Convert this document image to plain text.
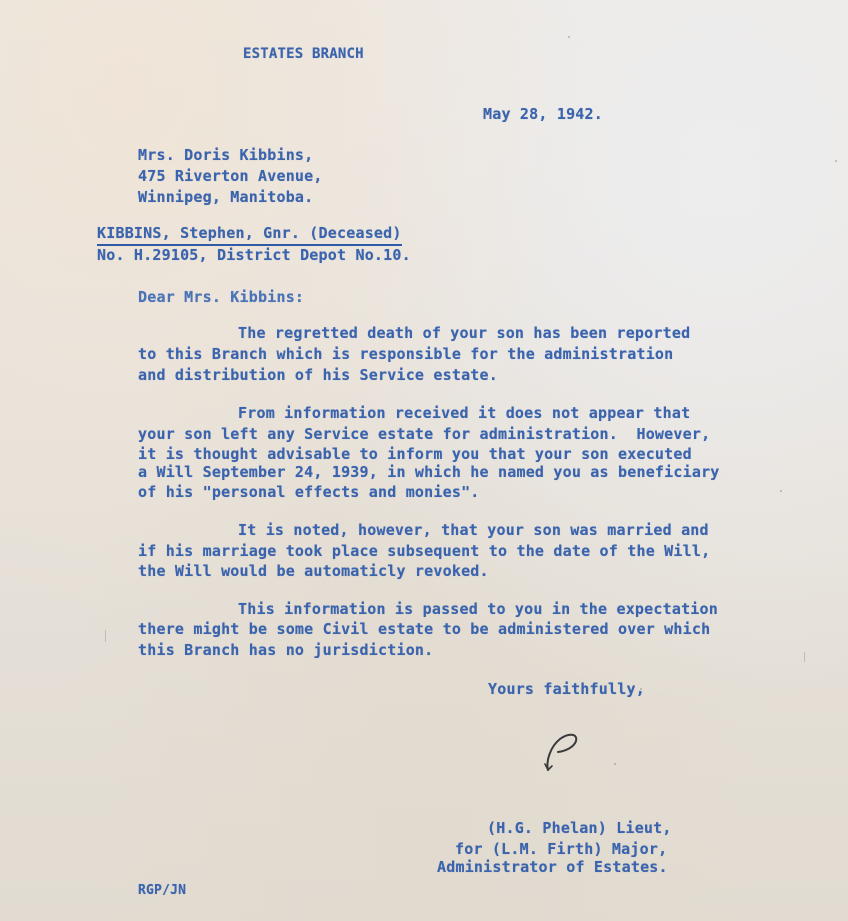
ESTATES BRANCH
May 28, 1942.
Mrs. Doris Kibbins,
475 Riverton Avenue,
Winnipeg, Manitoba.
KIBBINS, Stephen, Gnr. (Deceased)
No. H.29105, District Depot No.10.
Dear Mrs. Kibbins:
The regretted death of your son has been reported
to this Branch which is responsible for the administration
and distribution of his Service estate.
From information received it does not appear that
your son left any Service estate for administration.  However,
it is thought advisable to inform you that your son executed
a Will September 24, 1939, in which he named you as beneficiary
of his "personal effects and monies".
It is noted, however, that your son was married and
if his marriage took place subsequent to the date of the Will,
the Will would be automaticly revoked.
This information is passed to you in the expectation
there might be some Civil estate to be administered over which
this Branch has no jurisdiction.
Yours faithfully,
(H.G. Phelan) Lieut,
for (L.M. Firth) Major,
Administrator of Estates.
RGP/JN
